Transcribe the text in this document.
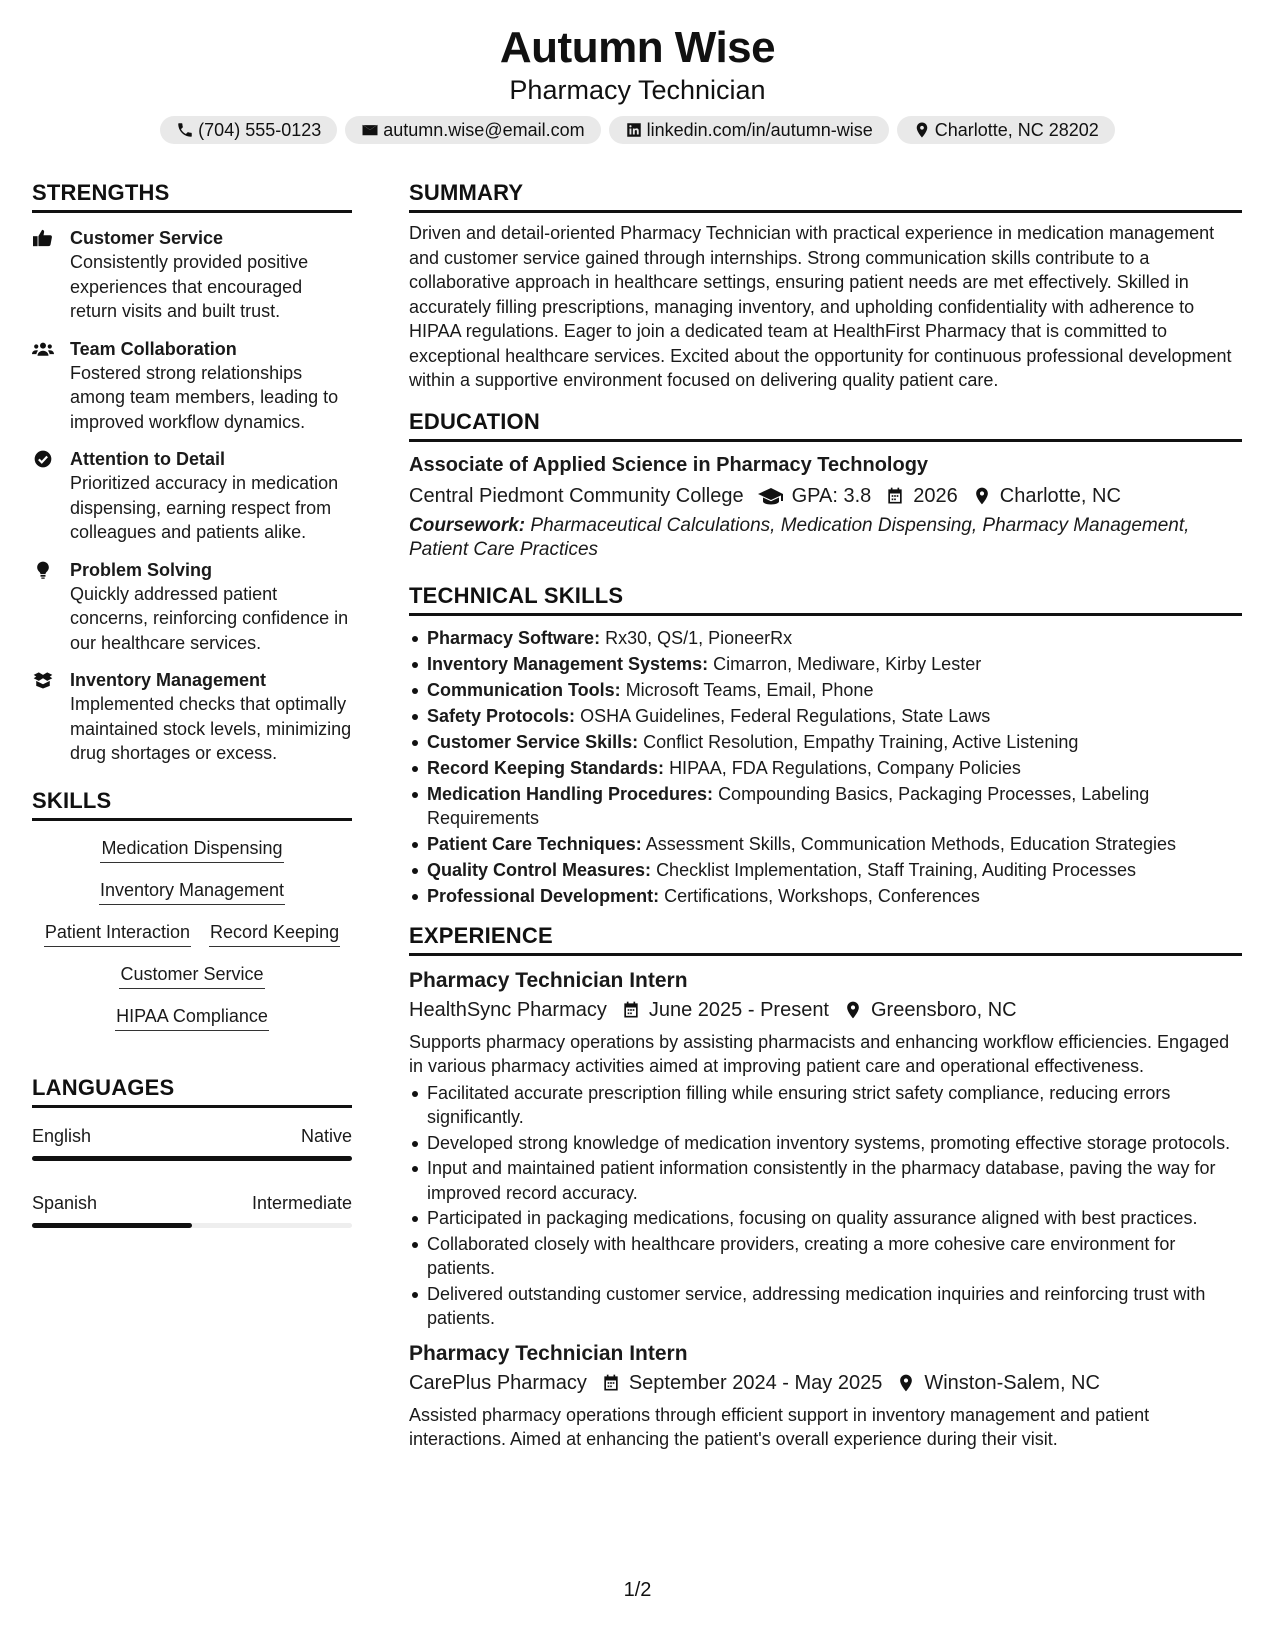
Autumn Wise
Pharmacy Technician
(704) 555-0123	autumn.wise@email.com	linkedin.com/in/autumn-wise	Charlotte, NC 28202
STRENGTHS
Customer Service
Consistently provided positive experiences that encouraged return visits and built trust.
Team Collaboration
Fostered strong relationships among team members, leading to improved workflow dynamics.
Attention to Detail
Prioritized accuracy in medication dispensing, earning respect from colleagues and patients alike.
Problem Solving
Quickly addressed patient concerns, reinforcing confidence in our healthcare services.
Inventory Management
Implemented checks that optimally maintained stock levels, minimizing drug shortages or excess.
SKILLS
Medication Dispensing
Inventory Management
Patient Interaction Record Keeping
Customer Service
HIPAA Compliance
LANGUAGES
English	Native
Spanish	Intermediate
SUMMARY
Driven and detail-oriented Pharmacy Technician with practical experience in medication management and customer service gained through internships. Strong communication skills contribute to a collaborative approach in healthcare settings, ensuring patient needs are met effectively. Skilled in accurately filling prescriptions, managing inventory, and upholding confidentiality with adherence to HIPAA regulations. Eager to join a dedicated team at HealthFirst Pharmacy that is committed to exceptional healthcare services. Excited about the opportunity for continuous professional development within a supportive environment focused on delivering quality patient care.
EDUCATION
Associate of Applied Science in Pharmacy Technology
Central Piedmont Community College GPA: 3.8 2026 Charlotte, NC
Coursework: Pharmaceutical Calculations, Medication Dispensing, Pharmacy Management, Patient Care Practices
TECHNICAL SKILLS
Pharmacy Software: Rx30, QS/1, PioneerRx
Inventory Management Systems: Cimarron, Mediware, Kirby Lester
Communication Tools: Microsoft Teams, Email, Phone
Safety Protocols: OSHA Guidelines, Federal Regulations, State Laws
Customer Service Skills: Conflict Resolution, Empathy Training, Active Listening
Record Keeping Standards: HIPAA, FDA Regulations, Company Policies
Medication Handling Procedures: Compounding Basics, Packaging Processes, Labeling Requirements
Patient Care Techniques: Assessment Skills, Communication Methods, Education Strategies
Quality Control Measures: Checklist Implementation, Staff Training, Auditing Processes
Professional Development: Certifications, Workshops, Conferences
EXPERIENCE
Pharmacy Technician Intern
HealthSync Pharmacy June 2025 - Present Greensboro, NC
Supports pharmacy operations by assisting pharmacists and enhancing workflow efficiencies. Engaged in various pharmacy activities aimed at improving patient care and operational effectiveness.
Facilitated accurate prescription filling while ensuring strict safety compliance, reducing errors significantly.
Developed strong knowledge of medication inventory systems, promoting effective storage protocols.
Input and maintained patient information consistently in the pharmacy database, paving the way for improved record accuracy.
Participated in packaging medications, focusing on quality assurance aligned with best practices.
Collaborated closely with healthcare providers, creating a more cohesive care environment for patients.
Delivered outstanding customer service, addressing medication inquiries and reinforcing trust with patients.
Pharmacy Technician Intern
CarePlus Pharmacy September 2024 - May 2025 Winston-Salem, NC
Assisted pharmacy operations through efficient support in inventory management and patient interactions. Aimed at enhancing the patient's overall experience during their visit.
1/2
